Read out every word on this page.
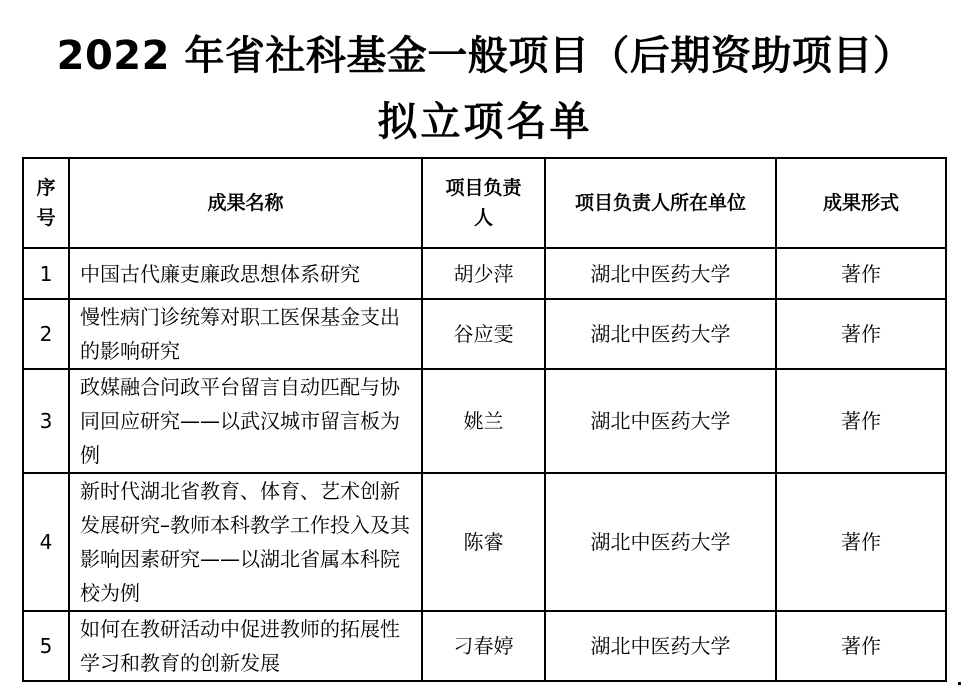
2022 年省社科基金一般项目（后期资助项目）
拟立项名单
序号	成果名称	项目负责人	项目负责人所在单位	成果形式
1	中国古代廉吏廉政思想体系研究	胡少萍	湖北中医药大学	著作
2	慢性病门诊统筹对职工医保基金支出的影响研究	谷应雯	湖北中医药大学	著作
3	政媒融合问政平台留言自动匹配与协同回应研究——以武汉城市留言板为例	姚兰	湖北中医药大学	著作
4	新时代湖北省教育、体育、艺术创新发展研究–教师本科教学工作投入及其影响因素研究——以湖北省属本科院校为例	陈睿	湖北中医药大学	著作
5	如何在教研活动中促进教师的拓展性学习和教育的创新发展	刁春婷	湖北中医药大学	著作
